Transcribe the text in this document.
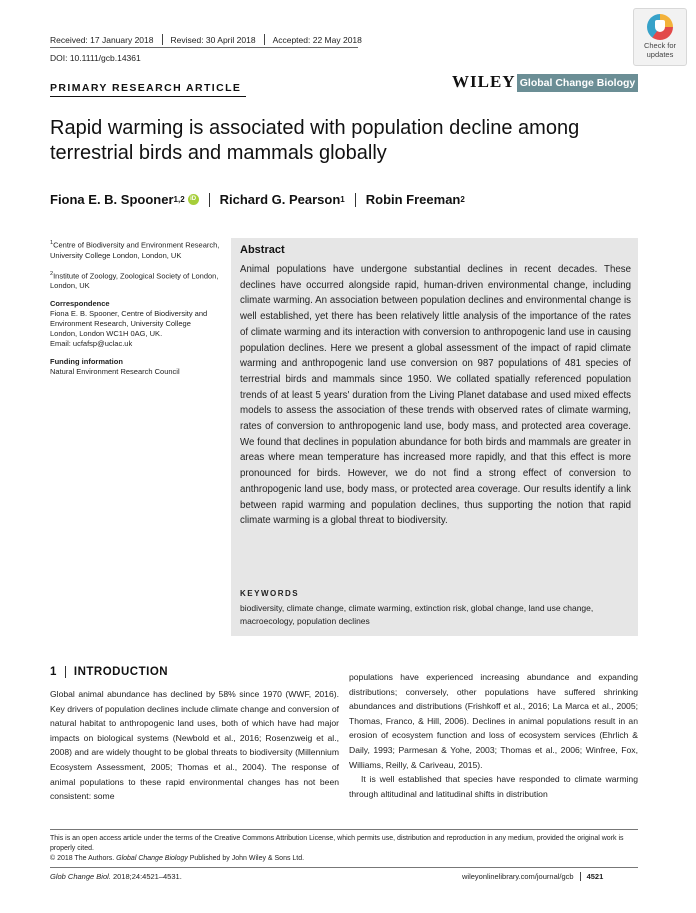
Received: 17 January 2018 Revised: 30 April 2018 Accepted: 22 May 2018
DOI: 10.1111/gcb.14361
Check for
updates
PRIMARY RESEARCH ARTICLE	WILEY Global Change Biology
Rapid warming is associated with population decline among terrestrial birds and mammals globally
Fiona E. B. Spooner 1,2 iD Richard G. Pearson 1 Robin Freeman 2
$^1$Centre of Biodiversity and Environment Research, University College London, London, UK
$^2$Institute of Zoology, Zoological Society of London, London, UK
Correspondence
Fiona E. B. Spooner, Centre of Biodiversity and Environment Research, University College London, London WC1H 0AG, UK.
Email: ucfafsp@uclac.uk
Funding information
Natural Environment Research Council
Abstract
Animal populations have undergone substantial declines in recent decades. These declines have occurred alongside rapid, human-driven environmental change, including climate warming. An association between population declines and environmental change is well established, yet there has been relatively little analysis of the importance of the rates of climate warming and its interaction with conversion to anthropogenic land use in causing population declines. Here we present a global assessment of the impact of rapid climate warming and anthropogenic land use conversion on 987 populations of 481 species of terrestrial birds and mammals since 1950. We collated spatially referenced population trends of at least 5 years' duration from the Living Planet database and used mixed effects models to assess the association of these trends with observed rates of climate warming, rates of conversion to anthropogenic land use, body mass, and protected area coverage. We found that declines in population abundance for both birds and mammals are greater in areas where mean temperature has increased more rapidly, and that this effect is more pronounced for birds. However, we do not find a strong effect of conversion to anthropogenic land use, body mass, or protected area coverage. Our results identify a link between rapid warming and population declines, thus supporting the notion that rapid climate warming is a global threat to biodiversity.
KEYWORDS
biodiversity, climate change, climate warming, extinction risk, global change, land use change, macroecology, population declines
1 INTRODUCTION
Global animal abundance has declined by 58% since 1970 (WWF, 2016). Key drivers of population declines include climate change and conversion of natural habitat to anthropogenic land uses, both of which have had major impacts on biological systems (Newbold et al., 2016; Rosenzweig et al., 2008) and are widely thought to be global threats to biodiversity (Millennium Ecosystem Assessment, 2005; Thomas et al., 2004). The response of animal populations to these rapid environmental changes has not been consistent: some
populations have experienced increasing abundance and expanding distributions; conversely, other populations have suffered shrinking abundances and distributions (Frishkoff et al., 2016; La Marca et al., 2005; Thomas, Franco, & Hill, 2006). Declines in animal populations result in an erosion of ecosystem function and loss of ecosystem services (Ehrlich & Daily, 1993; Parmesan & Yohe, 2003; Thomas et al., 2006; Winfree, Fox, Williams, Reilly, & Cariveau, 2015).
It is well established that species have responded to climate warming through altitudinal and latitudinal shifts in distribution
This is an open access article under the terms of the Creative Commons Attribution License, which permits use, distribution and reproduction in any medium, provided the original work is properly cited.
© 2018 The Authors. Global Change Biology Published by John Wiley & Sons Ltd.
Glob Change Biol. 2018;24:4521–4531.	wileyonlinelibrary.com/journal/gcb 4521
